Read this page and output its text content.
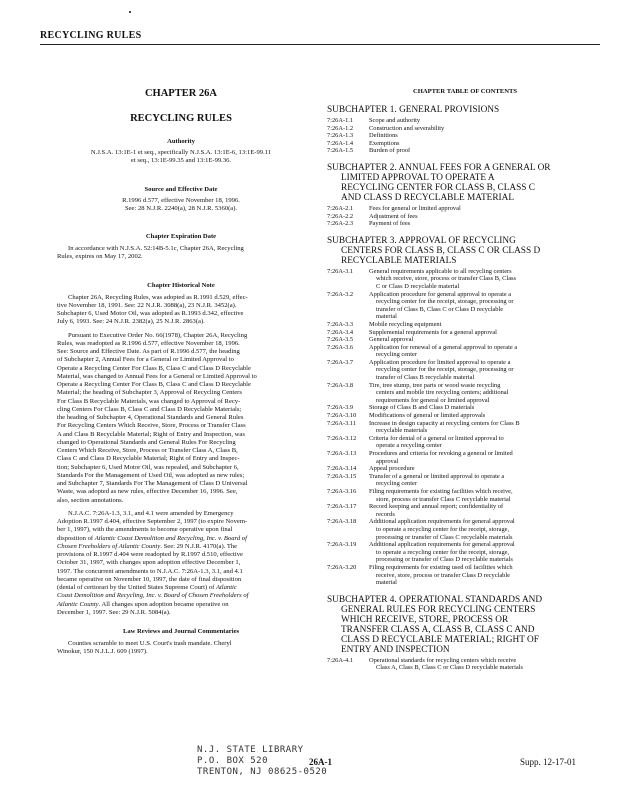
RECYCLING RULES
CHAPTER 26A
RECYCLING RULES
Authority
N.J.S.A. 13:1E-1 et seq., specifically N.J.S.A. 13:1E-6, 13:1E-99.11
et seq., 13:1E-99.35 and 13:1E-99.36.
Source and Effective Date
R.1996 d.577, effective November 18, 1996.
See: 28 N.J.R. 2240(a), 28 N.J.R. 5360(a).
Chapter Expiration Date
In accordance with N.J.S.A. 52:14B-5.1c, Chapter 26A, Recycling
Rules, expires on May 17, 2002.
Chapter Historical Note
Chapter 26A, Recycling Rules, was adopted as R.1991 d.529, effec-
tive November 18, 1991. See: 22 N.J.R. 3088(a), 23 N.J.R. 3452(a).
Subchapter 6, Used Motor Oil, was adopted as R.1993 d.342, effective
July 6, 1993. See: 24 N.J.R. 2382(a), 25 N.J.R. 2863(a).
Pursuant to Executive Order No. 66(1978), Chapter 26A, Recycling
Rules, was readopted as R.1996 d.577, effective November 18, 1996.
See: Source and Effective Date. As part of R.1996 d.577, the heading
of Subchapter 2, Annual Fees for a General or Limited Approval to
Operate a Recycling Center For Class B, Class C and Class D Recyclable
Material, was changed to Annual Fees for a General or Limited Approval to
Operate a Recycling Center For Class B, Class C and Class D Recyclable
Material; the heading of Subchapter 3, Approval of Recycling Centers
For Class B Recyclable Materials, was changed to Approval of Recy-
cling Centers For Class B, Class C and Class D Recyclable Materials;
the heading of Subchapter 4, Operational Standards and General Rules
For Recycling Centers Which Receive, Store, Process or Transfer Class
A and Class B Recyclable Material; Right of Entry and Inspection, was
changed to Operational Standards and General Rules For Recycling
Centers Which Receive, Store, Process or Transfer Class A, Class B,
Class C and Class D Recyclable Material; Right of Entry and Inspec-
tion; Subchapter 6, Used Motor Oil, was repealed, and Subchapter 6,
Standards For the Management of Used Oil, was adopted as new rules;
and Subchapter 7, Standards For The Management of Class D Universal
Waste, was adopted as new rules, effective December 16, 1996. See,
also, section annotations.
N.J.A.C. 7:26A-1.3, 3.1, and 4.1 were amended by Emergency
Adoption R.1997 d.404, effective September 2, 1997 (to expire Novem-
ber 1, 1997), with the amendments to become operative upon final
disposition of Atlantic Coast Demolition and Recycling, Inc. v. Board of
Chosen Freeholders of Atlantic County. See: 29 N.J.R. 4170(a). The
provisions of R.1997 d.404 were readopted by R.1997 d.510, effective
October 31, 1997, with changes upon adoption effective December 1,
1997. The concurrent amendments to N.J.A.C. 7:26A-1.3, 3.1, and 4.1
became operative on November 10, 1997, the date of final disposition
(denial of certiorari by the United States Supreme Court) of Atlantic
Coast Demolition and Recycling, Inc. v. Board of Chosen Freeholders of
Atlantic County. All changes upon adoption became operative on
December 1, 1997. See: 29 N.J.R. 5084(a).
Law Reviews and Journal Commentaries
Counties scramble to meet U.S. Court's trash mandate. Cheryl
Winokur, 150 N.J.L.J. 609 (1997).
CHAPTER TABLE OF CONTENTS
SUBCHAPTER 1. GENERAL PROVISIONS
7:26A-1.1	Scope and authority
7:26A-1.2	Construction and severability
7:26A-1.3	Definitions
7:26A-1.4	Exemptions
7:26A-1.5	Burden of proof
SUBCHAPTER 2. ANNUAL FEES FOR A GENERAL OR
LIMITED APPROVAL TO OPERATE A
RECYCLING CENTER FOR CLASS B, CLASS C
AND CLASS D RECYCLABLE MATERIAL
7:26A-2.1	Fees for general or limited approval
7:26A-2.2	Adjustment of fees
7:26A-2.3	Payment of fees
SUBCHAPTER 3. APPROVAL OF RECYCLING
CENTERS FOR CLASS B, CLASS C OR CLASS D
RECYCLABLE MATERIALS
7:26A-3.1	General requirements applicable to all recycling centers
which receive, store, process or transfer Class B, Class
C or Class D recyclable material
7:26A-3.2	Application procedure for general approval to operate a
recycling center for the receipt, storage, processing or
transfer of Class B, Class C or Class D recyclable
material
7:26A-3.3	Mobile recycling equipment
7:26A-3.4	Supplemental requirements for a general approval
7:26A-3.5	General approval
7:26A-3.6	Application for renewal of a general approval to operate a
recycling center
7:26A-3.7	Application procedure for limited approval to operate a
recycling center for the receipt, storage, processing or
transfer of Class B recyclable material
7:26A-3.8	Tire, tree stump, tree parts or wood waste recycling
centers and mobile tire recycling centers; additional
requirements for general or limited approval
7:26A-3.9	Storage of Class B and Class D materials
7:26A-3.10	Modifications of general or limited approvals
7:26A-3.11	Increase in design capacity at recycling centers for Class B
recyclable materials
7:26A-3.12	Criteria for denial of a general or limited approval to
operate a recycling center
7:26A-3.13	Procedures and criteria for revoking a general or limited
approval
7:26A-3.14	Appeal procedure
7:26A-3.15	Transfer of a general or limited approval to operate a
recycling center
7:26A-3.16	Filing requirements for existing facilities which receive,
store, process or transfer Class C recyclable material
7:26A-3.17	Record keeping and annual report; confidentiality of
records
7:26A-3.18	Additional application requirements for general approval
to operate a recycling center for the receipt, storage,
processing or transfer of Class C recyclable materials
7:26A-3.19	Additional application requirements for general approval
to operate a recycling center for the receipt, storage,
processing or transfer of Class D recyclable materials
7:26A-3.20	Filing requirements for existing used oil facilities which
receive, store, process or transfer Class D recyclable
material
SUBCHAPTER 4. OPERATIONAL STANDARDS AND
GENERAL RULES FOR RECYCLING CENTERS
WHICH RECEIVE, STORE, PROCESS OR
TRANSFER CLASS A, CLASS B, CLASS C AND
CLASS D RECYCLABLE MATERIAL; RIGHT OF
ENTRY AND INSPECTION
7:26A-4.1	Operational standards for recycling centers which receive
Class A, Class B, Class C or Class D recyclable materials
N.J. STATE LIBRARY
P.O. BOX 520
TRENTON, NJ 08625-0520
26A-1	Supp. 12-17-01
